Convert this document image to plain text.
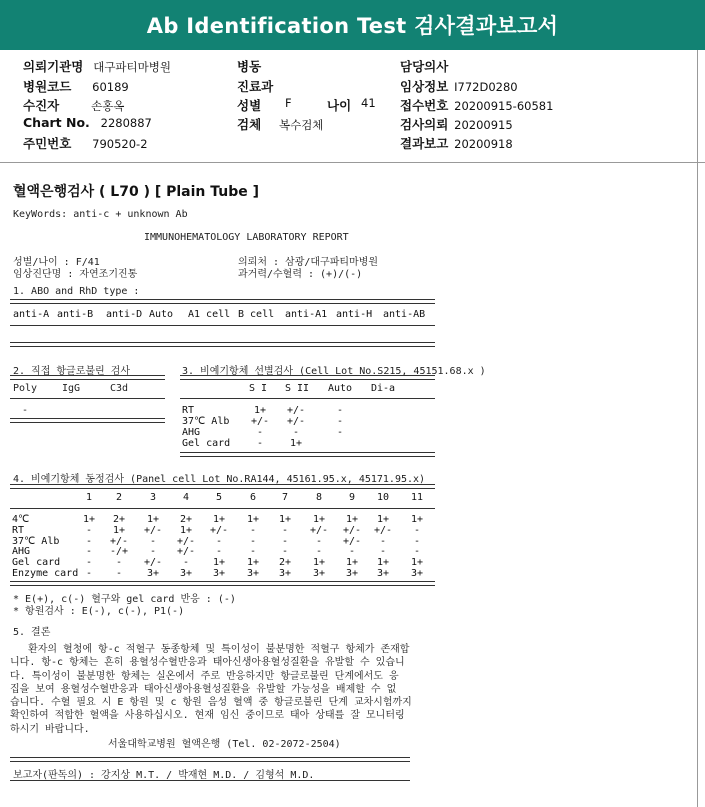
Ab Identification Test 검사결과보고서
의뢰기관명 대구파티마병원
병원코드 60189
수진자	손홍옥
Chart No. 2280887
주민번호 790520-2
병동
진료과
성별 F	나이 41
검체 복수검체
담당의사
임상정보 I772D0280
접수번호 20200915-60581
검사의뢰 20200915
결과보고 20200918
혈액은행검사 ( L70 ) [ Plain Tube ]
KeyWords: anti-c + unknown Ab
IMMUNOHEMATOLOGY LABORATORY REPORT
성별/나이 : F/41
임상진단명 : 자연조기진통
의뢰처 : 삼광/대구파티마병원
과거력/수혈력 : (+)/(-)
1. ABO and RhD type :
anti-A anti-B anti-D Auto A1 cell B cell anti-A1 anti-H anti-AB
2. 직접 항글로불린 검사
Poly IgG	C3d
-
3. 비예기항체 선별검사 (Cell Lot No.S215, 45151.68.x )
S I S II Auto Di-a
RT	1+	+/-	-
37℃ Alb	+/-	+/-	-
AHG	-	-	-
Gel card	-	1+
4. 비예기항체 동정검사 (Panel cell Lot No.RA144, 45161.95.x, 45171.95.x)
1	2	3	4	5	6	7	8	9	10	11
4℃	1+	2+	1+	2+	1+	1+	1+	1+	1+	1+	1+
RT	-	1+	+/-	1+	+/-	-	-	+/-	+/-	+/-	-
37℃ Alb	-	+/-	-	+/-	-	-	-	-	+/-	-	-
AHG	-	-/+	-	+/-	-	-	-	-	-	-	-
Gel card	-	-	+/-	-	1+	1+	2+	1+	1+	1+	1+
Enzyme card -	-	3+	3+	3+	3+	3+	3+	3+	3+	3+
* E(+), c(-) 혈구와 gel card 반응 : (-)
* 항원검사 : E(-), c(-), P1(-)
5. 결론
환자의 혈청에 항-c 적혈구 동종항체 및 특이성이 불분명한 적혈구 항체가 존재합
니다. 항-c 항체는 흔히 용혈성수혈반응과 태아신생아용혈성질환을 유발할 수 있습니
다. 특이성이 불분명한 항체는 실온에서 주로 반응하지만 항글로불린 단계에서도 응
집을 보여 용혈성수혈반응과 태아신생아용혈성질환을 유발할 가능성을 배제할 수 없
습니다. 수혈 필요 시 E 항원 및 c 항원 음성 혈액 중 항글로불린 단계 교차시험까지
확인하여 적합한 혈액을 사용하십시오. 현재 임신 중이므로 태아 상태를 잘 모니터링
하시기 바랍니다.
서울대학교병원 혈액은행 (Tel. 02-2072-2504)
보고자(판독의) : 강지상 M.T. / 박재현 M.D. / 김형석 M.D.
